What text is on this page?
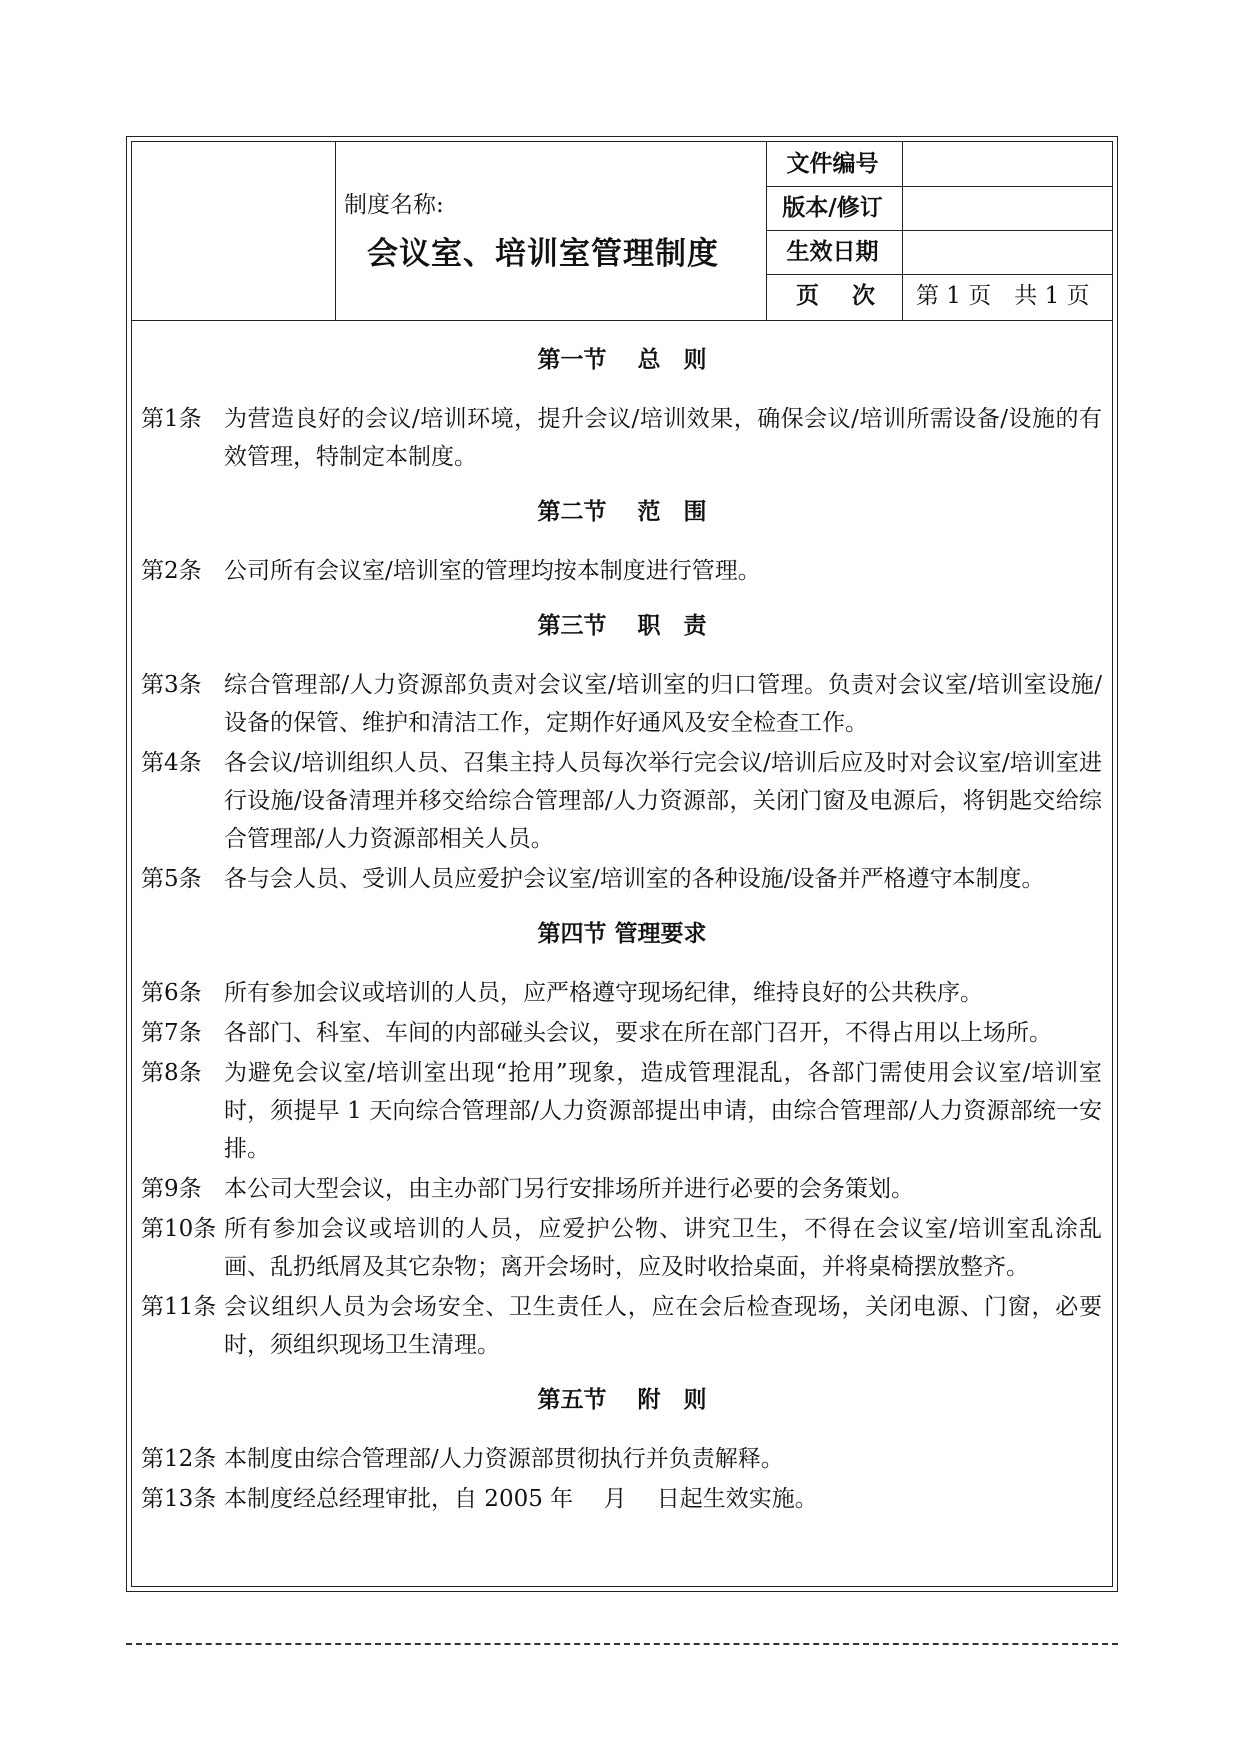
制度名称:
会议室、培训室管理制度
文件编号
版本/修订
生效日期
页 次	第 1 页　共 1 页
第一节　 总　则
第1条 为营造良好的会议/培训环境，提升会议/培训效果，确保会议/培训所需设备/设施的有效管理，特制定本制度。
第二节　 范　围
第2条 公司所有会议室/培训室的管理均按本制度进行管理。
第三节　 职　责
第3条 综合管理部/人力资源部负责对会议室/培训室的归口管理。负责对会议室/培训室设施/设备的保管、维护和清洁工作，定期作好通风及安全检查工作。
第4条 各会议/培训组织人员、召集主持人员每次举行完会议/培训后应及时对会议室/培训室进行设施/设备清理并移交给综合管理部/人力资源部，关闭门窗及电源后，将钥匙交给综合管理部/人力资源部相关人员。
第5条 各与会人员、受训人员应爱护会议室/培训室的各种设施/设备并严格遵守本制度。
第四节 管理要求
第6条 所有参加会议或培训的人员，应严格遵守现场纪律，维持良好的公共秩序。
第7条 各部门、科室、车间的内部碰头会议，要求在所在部门召开，不得占用以上场所。
第8条 为避免会议室/培训室出现“抢用”现象，造成管理混乱，各部门需使用会议室/培训室时，须提早 1 天向综合管理部/人力资源部提出申请，由综合管理部/人力资源部统一安排。
第9条 本公司大型会议，由主办部门另行安排场所并进行必要的会务策划。
第10条 所有参加会议或培训的人员，应爱护公物、讲究卫生，不得在会议室/培训室乱涂乱画、乱扔纸屑及其它杂物；离开会场时，应及时收拾桌面，并将桌椅摆放整齐。
第11条 会议组织人员为会场安全、卫生责任人，应在会后检查现场，关闭电源、门窗，必要时，须组织现场卫生清理。
第五节　 附　则
第12条 本制度由综合管理部/人力资源部贯彻执行并负责解释。
第13条 本制度经总经理审批，自 2005 年　 月　 日起生效实施。
